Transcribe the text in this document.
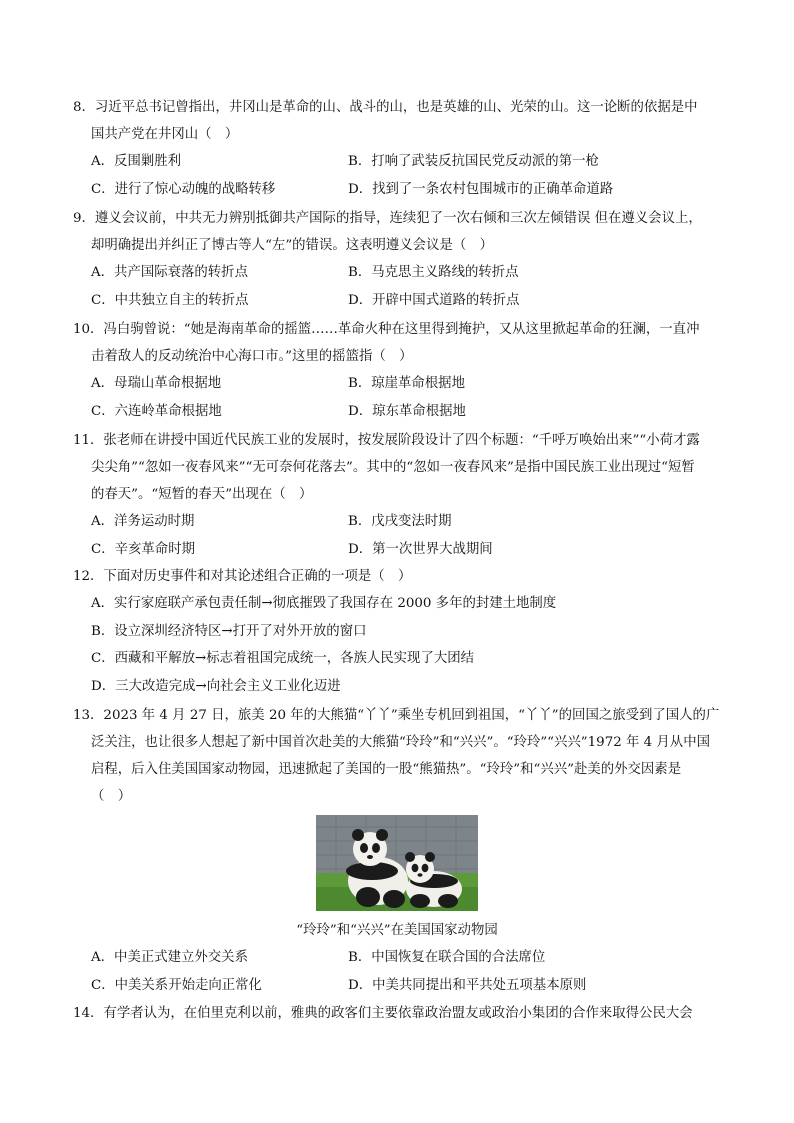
8．习近平总书记曾指出，井冈山是革命的山、战斗的山，也是英雄的山、光荣的山。这一论断的依据是中
国共产党在井冈山（　）
A．反围剿胜利	B．打响了武装反抗国民党反动派的第一枪
C．进行了惊心动魄的战略转移	D．找到了一条农村包围城市的正确革命道路
9．遵义会议前，中共无力辨别抵御共产国际的指导，连续犯了一次右倾和三次左倾错误 但在遵义会议上，
却明确提出并纠正了博古等人“左”的错误。这表明遵义会议是（　）
A．共产国际衰落的转折点	B．马克思主义路线的转折点
C．中共独立自主的转折点	D．开辟中国式道路的转折点
10．冯白驹曾说：“她是海南革命的摇篮……革命火种在这里得到掩护，又从这里掀起革命的狂澜，一直冲
击着敌人的反动统治中心海口市。”这里的摇篮指（　）
A．母瑞山革命根据地	B．琼崖革命根据地
C．六连岭革命根据地	D．琼东革命根据地
11．张老师在讲授中国近代民族工业的发展时，按发展阶段设计了四个标题：“千呼万唤始出来”“小荷才露
尖尖角”“忽如一夜春风来”“无可奈何花落去”。其中的“忽如一夜春风来”是指中国民族工业出现过“短暂
的春天”。“短暂的春天”出现在（　）
A．洋务运动时期	B．戊戌变法时期
C．辛亥革命时期	D．第一次世界大战期间
12．下面对历史事件和对其论述组合正确的一项是（　）
A．实行家庭联产承包责任制→彻底摧毁了我国存在 2000 多年的封建土地制度
B．设立深圳经济特区→打开了对外开放的窗口
C．西藏和平解放→标志着祖国完成统一，各族人民实现了大团结
D．三大改造完成→向社会主义工业化迈进
13．2023 年 4 月 27 日，旅美 20 年的大熊猫“丫丫”乘坐专机回到祖国，“丫丫”的回国之旅受到了国人的广
泛关注，也让很多人想起了新中国首次赴美的大熊猫“玲玲”和“兴兴”。“玲玲”“兴兴”1972 年 4 月从中国
启程，后入住美国国家动物园，迅速掀起了美国的一股“熊猫热”。“玲玲”和“兴兴”赴美的外交因素是
（　）
“玲玲”和“兴兴”在美国国家动物园
A．中美正式建立外交关系	B．中国恢复在联合国的合法席位
C．中美关系开始走向正常化	D．中美共同提出和平共处五项基本原则
14．有学者认为，在伯里克利以前，雅典的政客们主要依靠政治盟友或政治小集团的合作来取得公民大会
